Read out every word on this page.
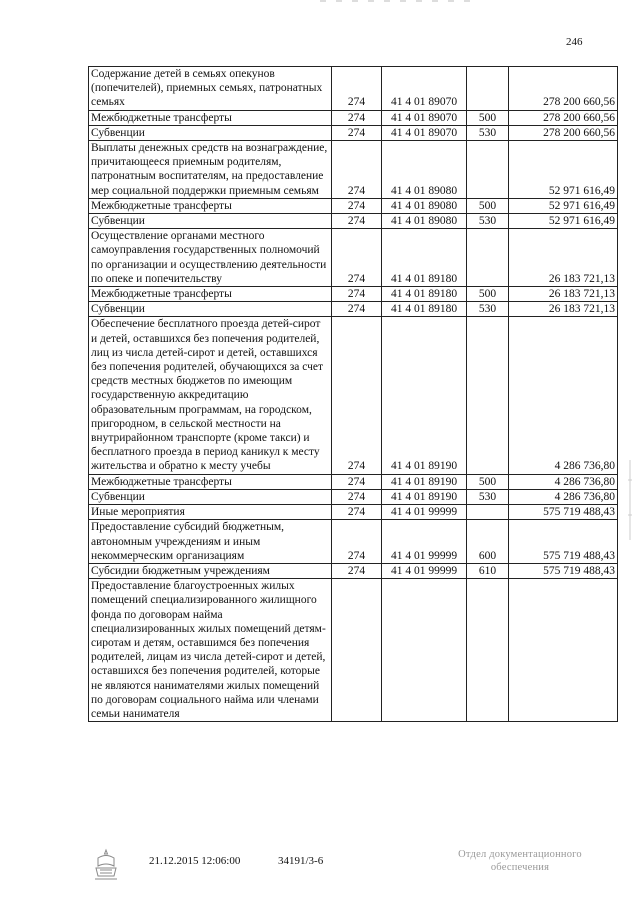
246
Содержание детей в семьях опекунов (попечителей), приемных семьях, патронатных семьях	274	41 4 01 89070		278 200 660,56
Межбюджетные трансферты	274	41 4 01 89070	500	278 200 660,56
Субвенции	274	41 4 01 89070	530	278 200 660,56
Выплаты денежных средств на вознаграждение, причитающееся приемным родителям, патронатным воспитателям, на предоставление мер социальной поддержки приемным семьям	274	41 4 01 89080		52 971 616,49
Межбюджетные трансферты	274	41 4 01 89080	500	52 971 616,49
Субвенции	274	41 4 01 89080	530	52 971 616,49
Осуществление органами местного самоуправления государственных полномочий по организации и осуществлению деятельности по опеке и попечительству	274	41 4 01 89180		26 183 721,13
Межбюджетные трансферты	274	41 4 01 89180	500	26 183 721,13
Субвенции	274	41 4 01 89180	530	26 183 721,13
Обеспечение бесплатного проезда детей-сирот и детей, оставшихся без попечения родителей, лиц из числа детей-сирот и детей, оставшихся без попечения родителей, обучающихся за счет средств местных бюджетов по имеющим государственную аккредитацию образовательным программам, на городском, пригородном, в сельской местности на внутрирайонном транспорте (кроме такси) и бесплатного проезда в период каникул к месту жительства и обратно к месту учебы	274	41 4 01 89190		4 286 736,80
Межбюджетные трансферты	274	41 4 01 89190	500	4 286 736,80
Субвенции	274	41 4 01 89190	530	4 286 736,80
Иные мероприятия	274	41 4 01 99999		575 719 488,43
Предоставление субсидий бюджетным, автономным учреждениям и иным некоммерческим организациям	274	41 4 01 99999	600	575 719 488,43
Субсидии бюджетным учреждениям	274	41 4 01 99999	610	575 719 488,43
Предоставление благоустроенных жилых помещений специализированного жилищного фонда по договорам найма специализированных жилых помещений детям-сиротам и детям, оставшимся без попечения родителей, лицам из числа детей-сирот и детей, оставшихся без попечения родителей, которые не являются нанимателями жилых помещений по договорам социального найма или членами семьи нанимателя				
21.12.2015 12:06:00	34191/3-6
Отдел документационного
обеспечения
